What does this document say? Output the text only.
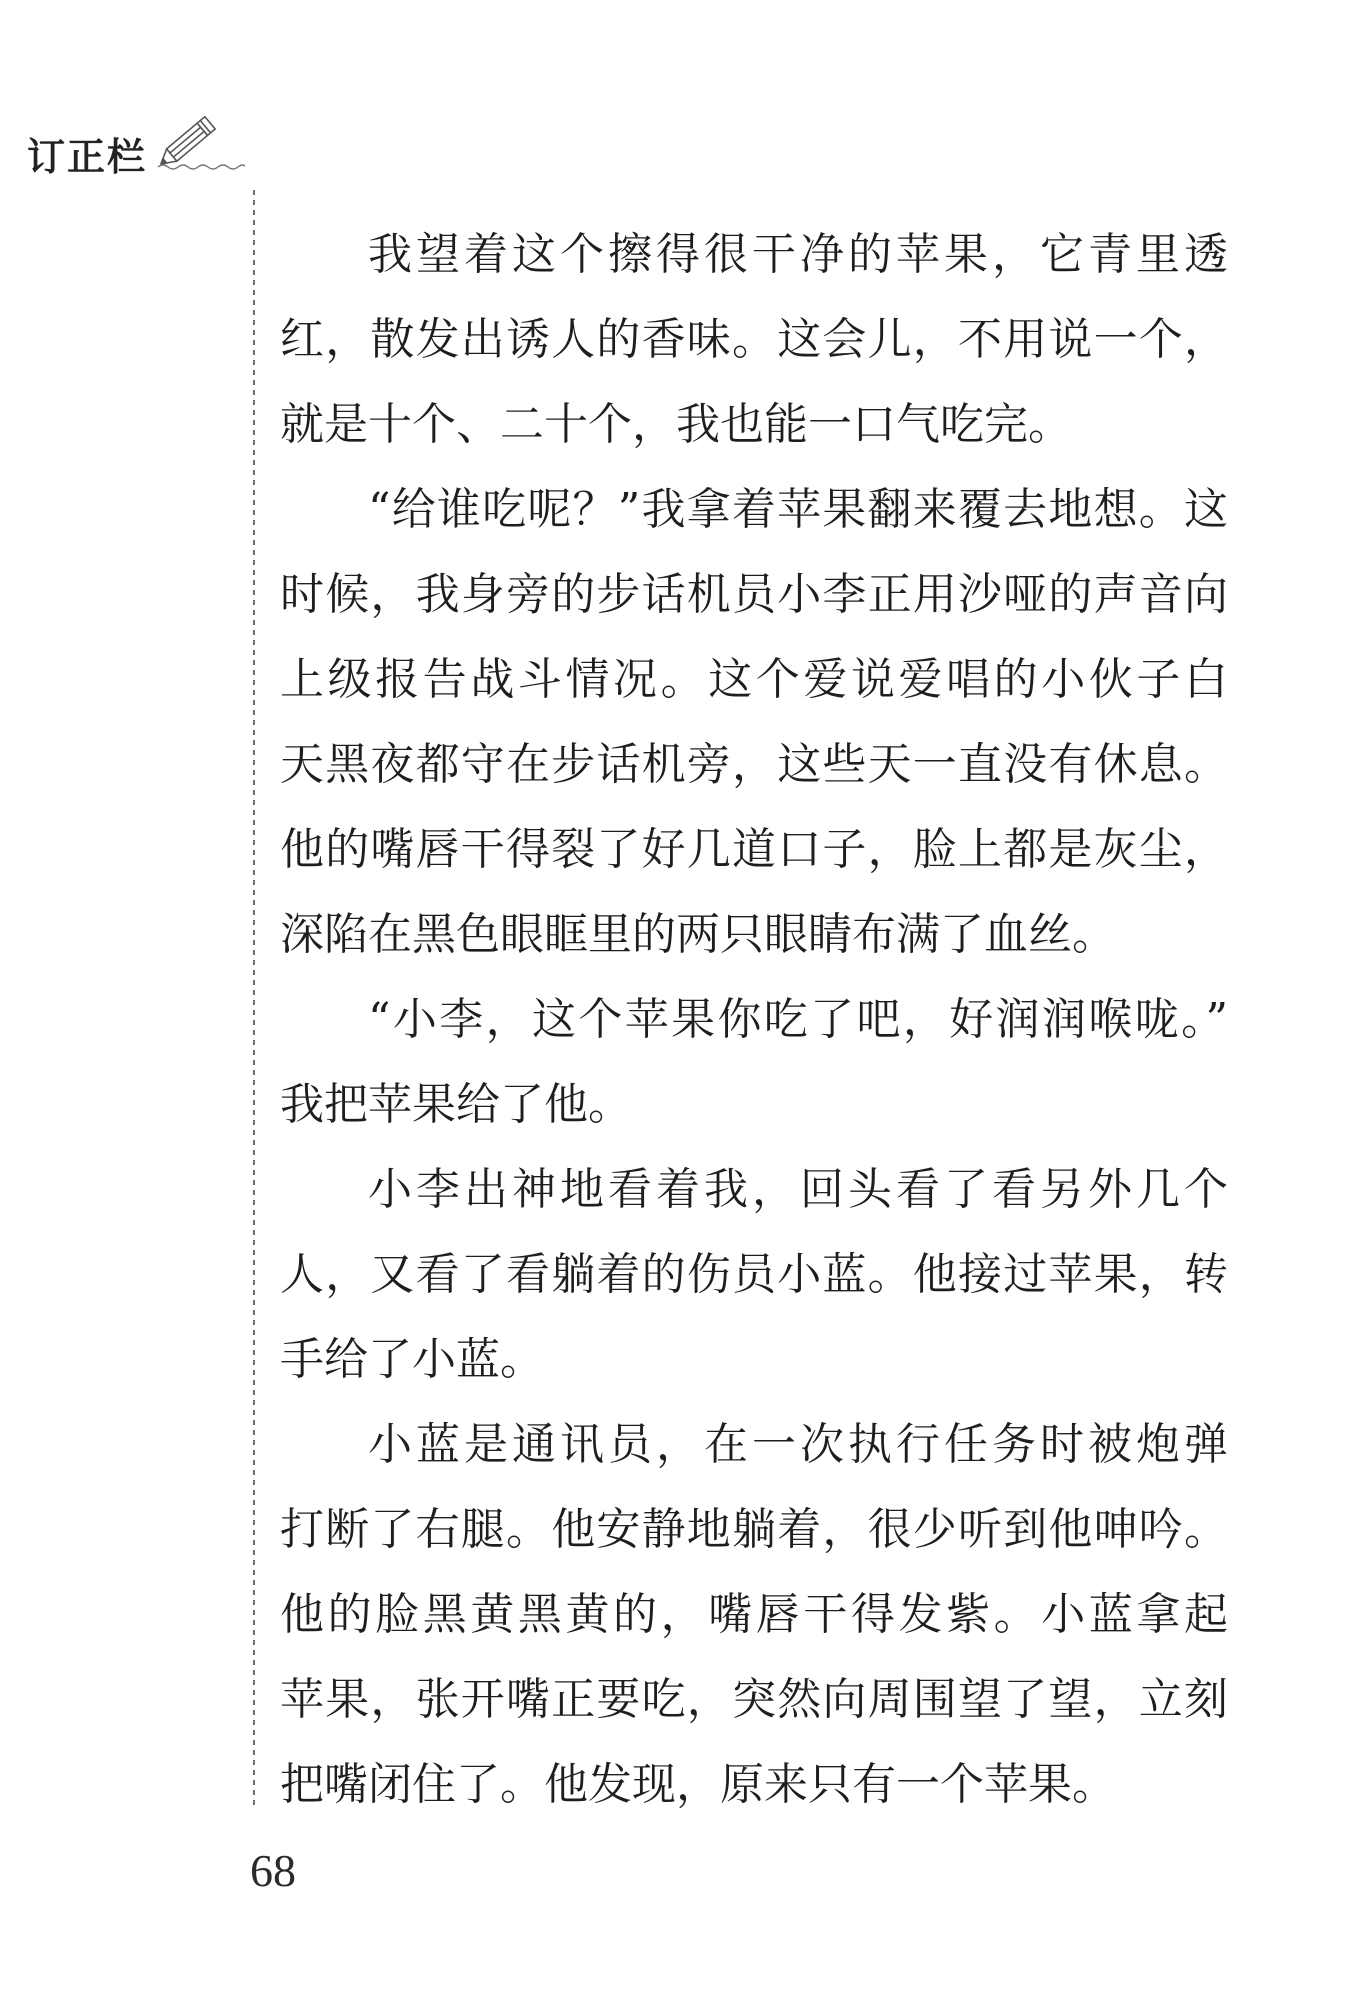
订正栏
我望着这个擦得很干净的苹果，它青里透
红，散发出诱人的香味。这会儿，不用说一个，
就是十个、二十个，我也能一口气吃完。
“给谁吃呢？”我拿着苹果翻来覆去地想。这
时候，我身旁的步话机员小李正用沙哑的声音向
上级报告战斗情况。这个爱说爱唱的小伙子白
天黑夜都守在步话机旁，这些天一直没有休息。
他的嘴唇干得裂了好几道口子，脸上都是灰尘，
深陷在黑色眼眶里的两只眼睛布满了血丝。
“小李，这个苹果你吃了吧，好润润喉咙。”
我把苹果给了他。
小李出神地看着我，回头看了看另外几个
人，又看了看躺着的伤员小蓝。他接过苹果，转
手给了小蓝。
小蓝是通讯员，在一次执行任务时被炮弹
打断了右腿。他安静地躺着，很少听到他呻吟。
他的脸黑黄黑黄的，嘴唇干得发紫。小蓝拿起
苹果，张开嘴正要吃，突然向周围望了望，立刻
把嘴闭住了。他发现，原来只有一个苹果。
68
